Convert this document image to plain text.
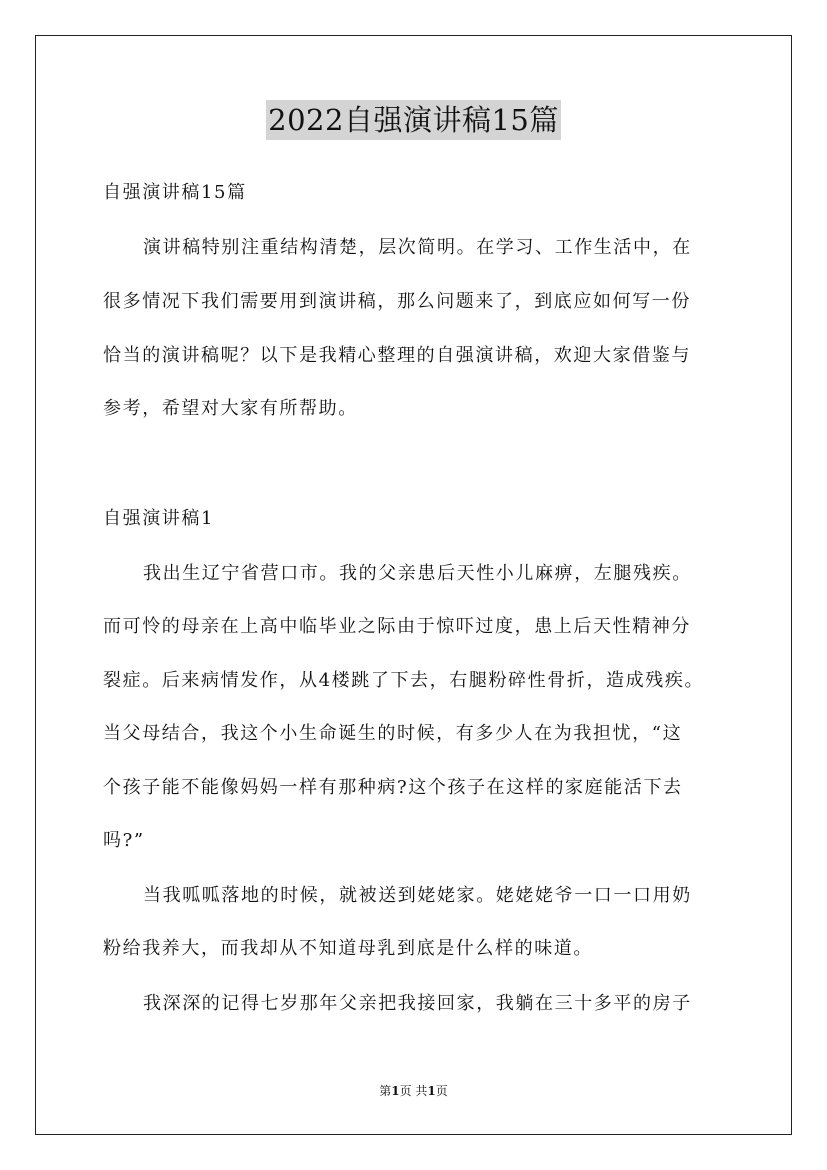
2022自强演讲稿15篇
自强演讲稿15篇
演讲稿特别注重结构清楚，层次简明。在学习、工作生活中，在
很多情况下我们需要用到演讲稿，那么问题来了，到底应如何写一份
恰当的演讲稿呢？以下是我精心整理的自强演讲稿，欢迎大家借鉴与
参考，希望对大家有所帮助。
自强演讲稿1
我出生辽宁省营口市。我的父亲患后天性小儿麻痹，左腿残疾。
而可怜的母亲在上高中临毕业之际由于惊吓过度，患上后天性精神分
裂症。后来病情发作，从4楼跳了下去，右腿粉碎性骨折，造成残疾。
当父母结合，我这个小生命诞生的时候，有多少人在为我担忧，“这
个孩子能不能像妈妈一样有那种病?这个孩子在这样的家庭能活下去
吗?”
当我呱呱落地的时候，就被送到姥姥家。姥姥姥爷一口一口用奶
粉给我养大，而我却从不知道母乳到底是什么样的味道。
我深深的记得七岁那年父亲把我接回家，我躺在三十多平的房子
第1页 共1页
